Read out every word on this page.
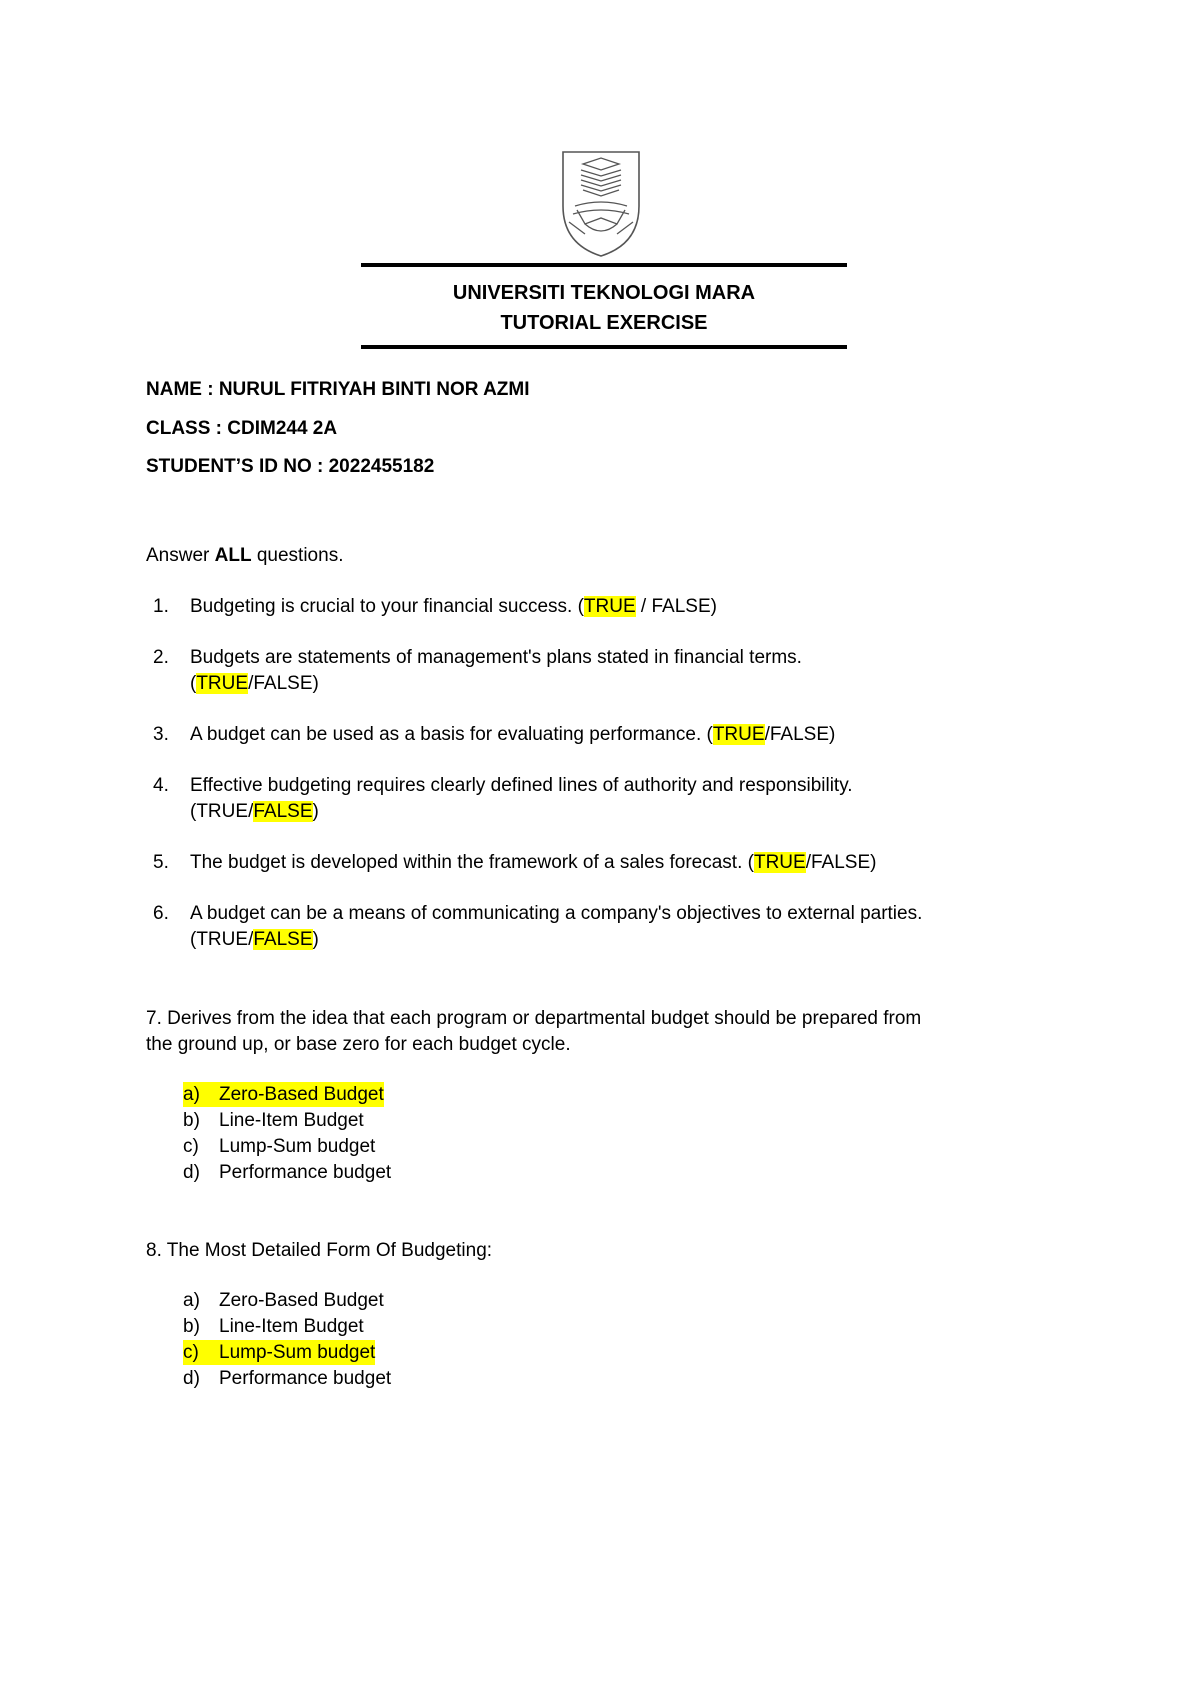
UNIVERSITI TEKNOLOGI MARA
TUTORIAL EXERCISE
NAME : NURUL FITRIYAH BINTI NOR AZMI
CLASS : CDIM244 2A
STUDENT’S ID NO : 2022455182
Answer ALL questions.
1. Budgeting is crucial to your financial success. (TRUE / FALSE)
2. Budgets are statements of management's plans stated in financial terms.
(TRUE/FALSE)
3. A budget can be used as a basis for evaluating performance. (TRUE/FALSE)
4. Effective budgeting requires clearly defined lines of authority and responsibility.
(TRUE/FALSE)
5. The budget is developed within the framework of a sales forecast. (TRUE/FALSE)
6. A budget can be a means of communicating a company's objectives to external parties.
(TRUE/FALSE)
7. Derives from the idea that each program or departmental budget should be prepared from
the ground up, or base zero for each budget cycle.
a) Zero-Based Budget
b) Line-Item Budget
c) Lump-Sum budget
d) Performance budget
8. The Most Detailed Form Of Budgeting:
a) Zero-Based Budget
b) Line-Item Budget
c) Lump-Sum budget
d) Performance budget
